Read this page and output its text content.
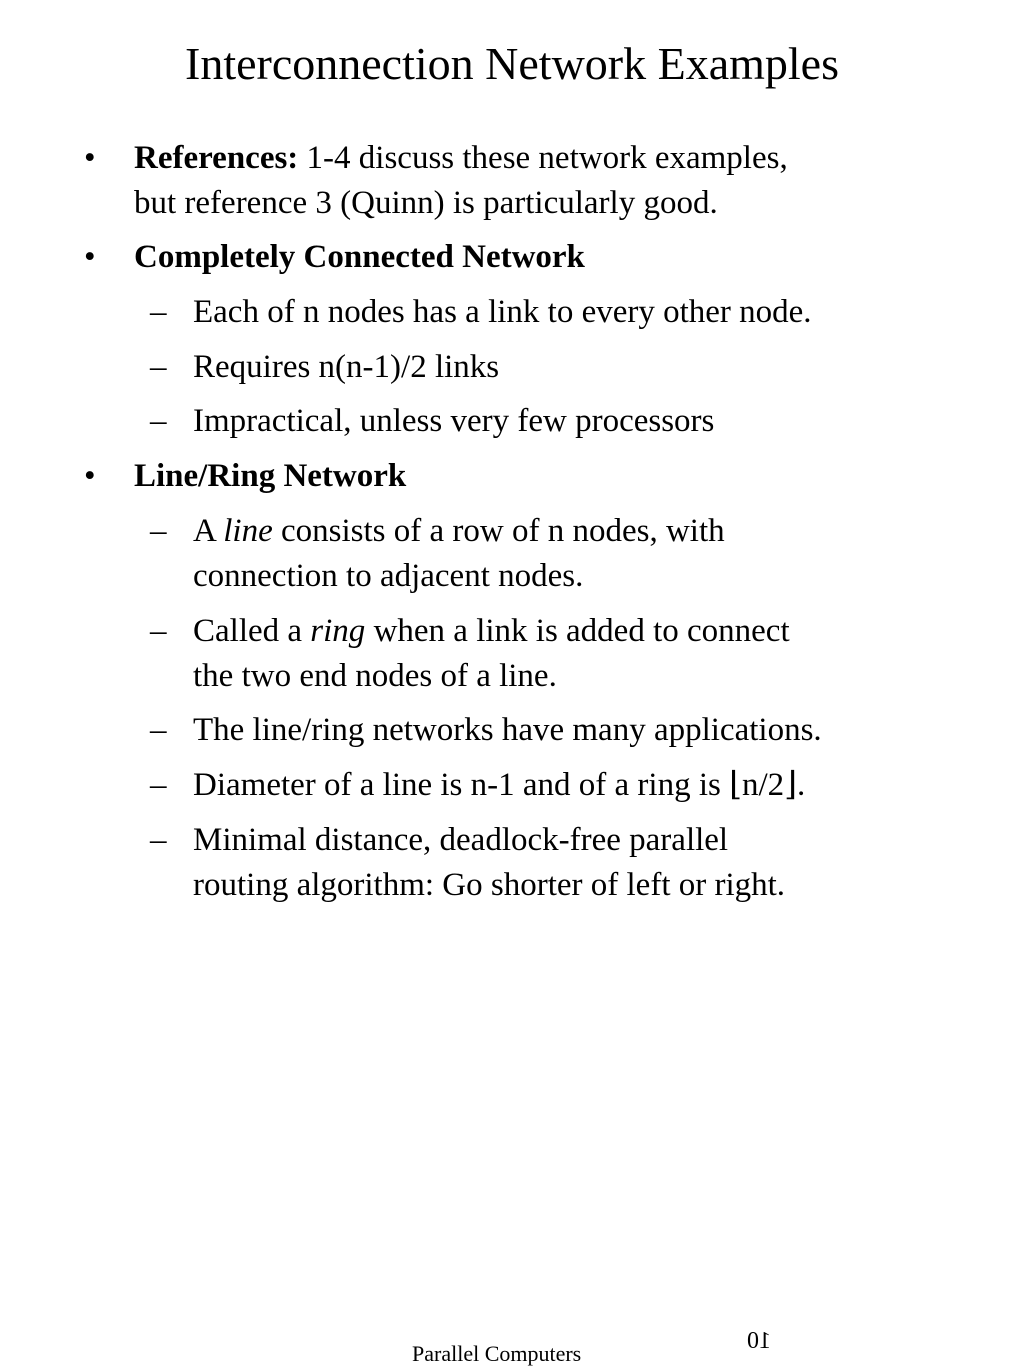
Interconnection Network Examples
• References: 1-4 discuss these network examples,
but reference 3 (Quinn) is particularly good.
• Completely Connected Network
– Each of n nodes has a link to every other node.
– Requires n(n-1)/2 links
– Impractical, unless very few processors
• Line/Ring Network
– A line consists of a row of n nodes, with
connection to adjacent nodes.
– Called a ring when a link is added to connect
the two end nodes of a line.
– The line/ring networks have many applications.
– Diameter of a line is n-1 and of a ring is ⌊n/2⌋.
– Minimal distance, deadlock-free parallel
routing algorithm: Go shorter of left or right.
10
Parallel Computers
